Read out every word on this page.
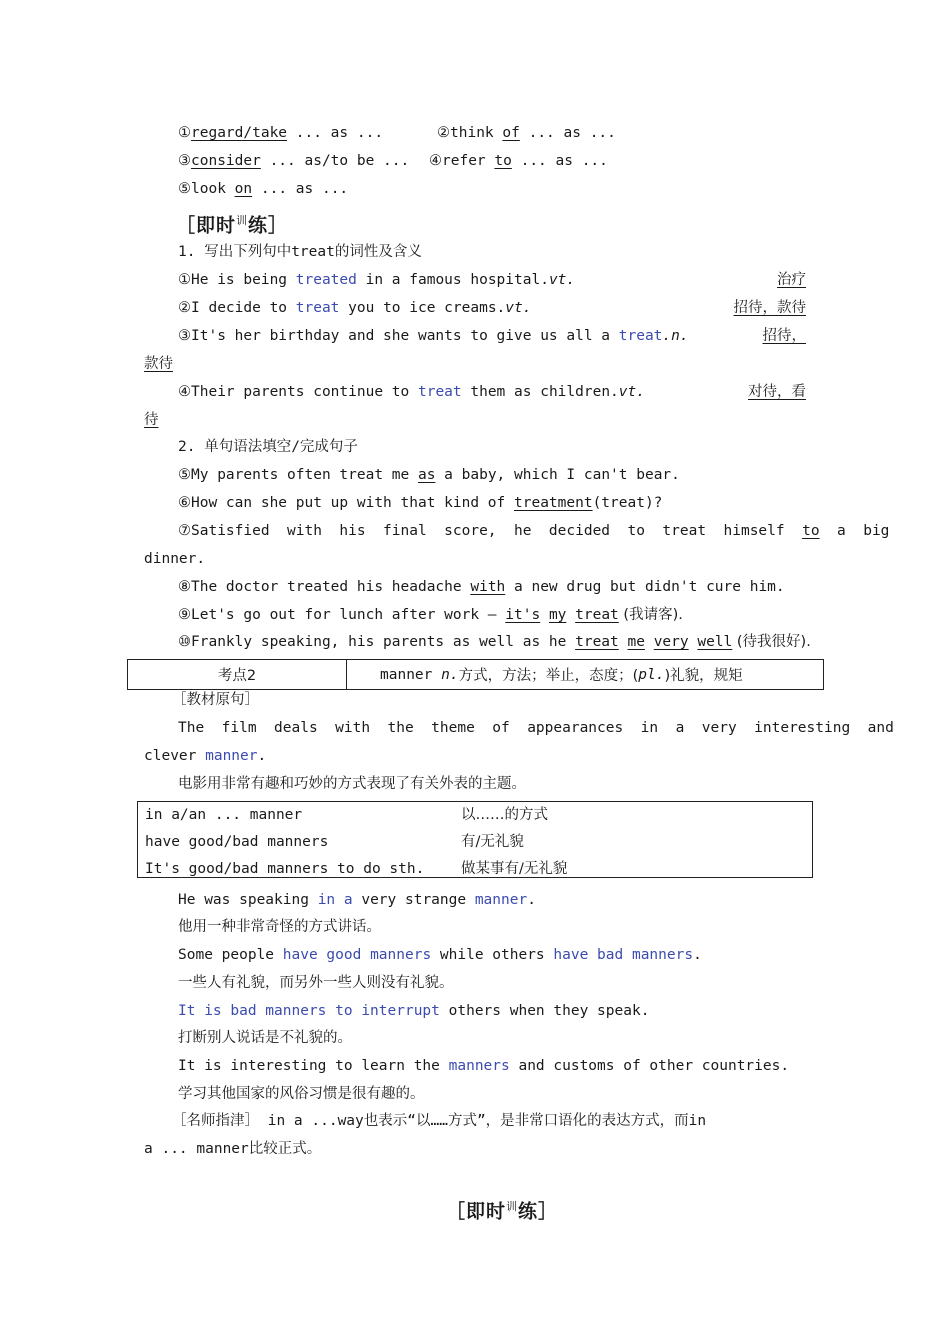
①regard/take ... as ...	②think of ... as ...
③consider ... as/to be ... ④refer to ... as ...
⑤look on ... as ...
［即时$^训$练］
1. 写出下列句中treat的词性及含义
①He is being treated in a famous hospital.vt.	治疗
②I decide to treat you to ice creams.vt.	招待，款待
③It's her birthday and she wants to give us all a treat.n.	招待，
款待
④Their parents continue to treat them as children.vt.	对待，看
待
2. 单句语法填空/完成句子
⑤My parents often treat me as a baby, which I can't bear.
⑥How can she put up with that kind of treatment(treat)?
⑦Satisfied  with  his  final  score,  he  decided  to  treat  himself  to  a  big
dinner.
⑧The doctor treated his headache with a new drug but didn't cure him.
⑨Let's go out for lunch after work — it's my treat (我请客).
⑩Frankly speaking, his parents as well as he treat me very well (待我很好).
考点2	manner n. 方式，方法；举止，态度；( pl. )礼貌，规矩
［教材原句］
The  film  deals  with  the  theme  of  appearances  in  a  very  interesting  and
clever manner.
电影用非常有趣和巧妙的方式表现了有关外表的主题。
in a/an ... manner	以……的方式
have good/bad manners	有/无礼貌
It's good/bad manners to do sth.	做某事有/无礼貌
He was speaking in a very strange manner.
他用一种非常奇怪的方式讲话。
Some people have good manners while others have bad manners.
一些人有礼貌，而另外一些人则没有礼貌。
It is bad manners to interrupt others when they speak.
打断别人说话是不礼貌的。
It is interesting to learn the manners and customs of other countries.
学习其他国家的风俗习惯是很有趣的。
［名师指津］ in a ...way也表示“以……方式”，是非常口语化的表达方式，而in
a ... manner比较正式。
［即时$^训$练］
